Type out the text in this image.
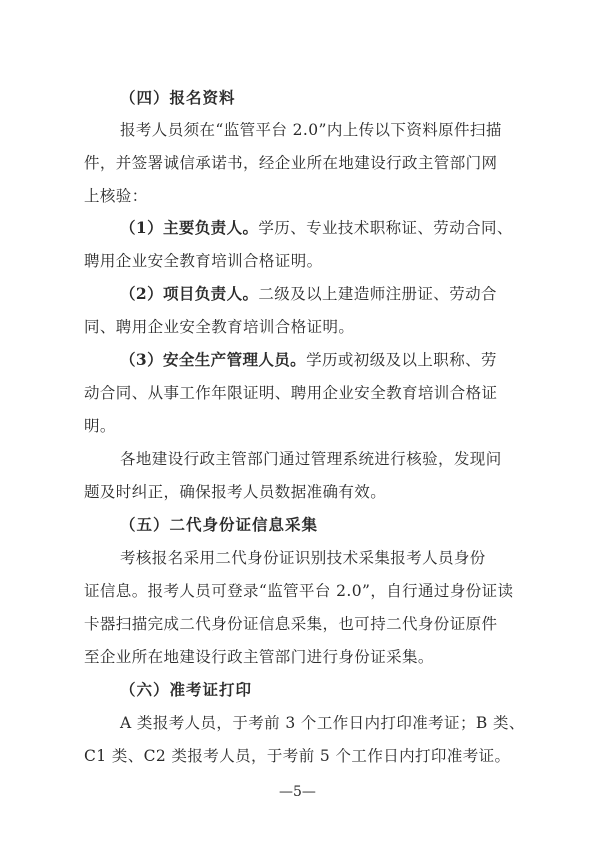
（四）报名资料

报考人员须在“监管平台 2.0”内上传以下资料原件扫描

件，并签署诚信承诺书，经企业所在地建设行政主管部门网

上核验：

（1）主要负责人。学历、专业技术职称证、劳动合同、

聘用企业安全教育培训合格证明。

（2）项目负责人。二级及以上建造师注册证、劳动合

同、聘用企业安全教育培训合格证明。

（3）安全生产管理人员。学历或初级及以上职称、劳

动合同、从事工作年限证明、聘用企业安全教育培训合格证

明。

各地建设行政主管部门通过管理系统进行核验，发现问

题及时纠正，确保报考人员数据准确有效。

（五）二代身份证信息采集

考核报名采用二代身份证识别技术采集报考人员身份

证信息。报考人员可登录“监管平台 2.0”，自行通过身份证读

卡器扫描完成二代身份证信息采集，也可持二代身份证原件

至企业所在地建设行政主管部门进行身份证采集。

（六）准考证打印

A 类报考人员，于考前 3 个工作日内打印准考证；B 类、

C1 类、C2 类报考人员，于考前 5 个工作日内打印准考证。

—5—
